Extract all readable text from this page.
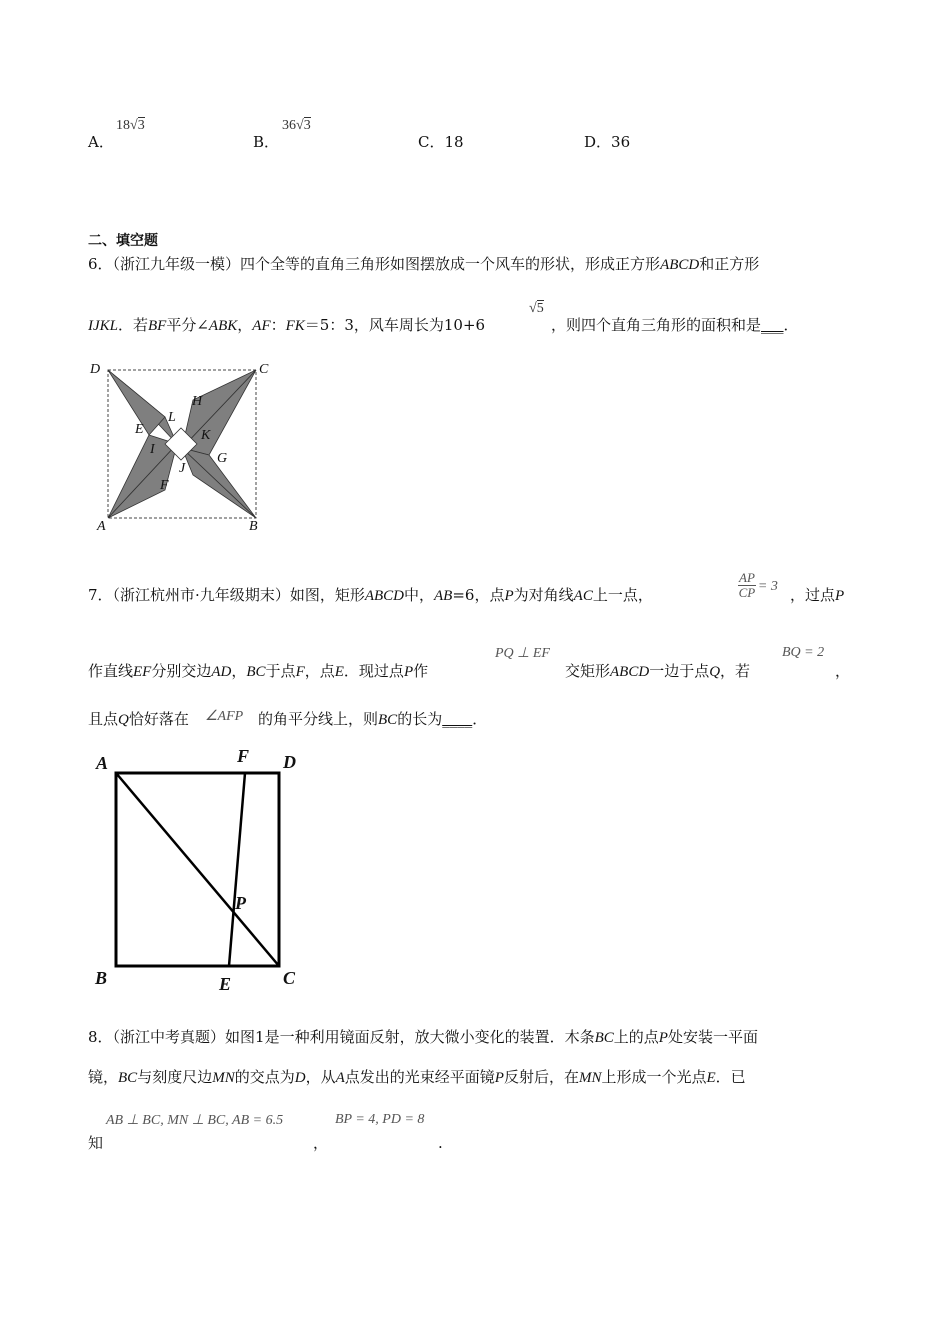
A．
18√3
B．
36√3
C．18	D．36
二、填空题
6．（浙江九年级一模）四个全等的直角三角形如图摆放成一个风车的形状，形成正方形ABCD和正方形
IJKL．若BF平分∠ABK，AF：FK＝5：3，风车周长为10+6
√5
，则四个直角三角形的面积和是___．
D	C
H
L
E	K
I
G
J
F
A	B
7．（浙江杭州市·九年级期末）如图，矩形ABCD中，AB=6，点P为对角线AC上一点，	$\frac{AP}{CP} = 3$ ，过点P
作直线EF分别交边AD，BC于点F，点E．现过点P作
PQ ⊥ EF
交矩形ABCD一边于点Q，若
BQ = 2
，
且点Q恰好落在 ∠AFP 的角平分线上，则BC的长为____．
A	F D
P
B	E	C
8．（浙江中考真题）如图1是一种利用镜面反射，放大微小变化的装置．木条BC上的点P处安装一平面
镜，BC与刻度尺边MN的交点为D，从A点发出的光束经平面镜P反射后，在MN上形成一个光点E．已
知
AB ⊥ BC, MN ⊥ BC, AB = 6.5
，
BP = 4, PD = 8
.
